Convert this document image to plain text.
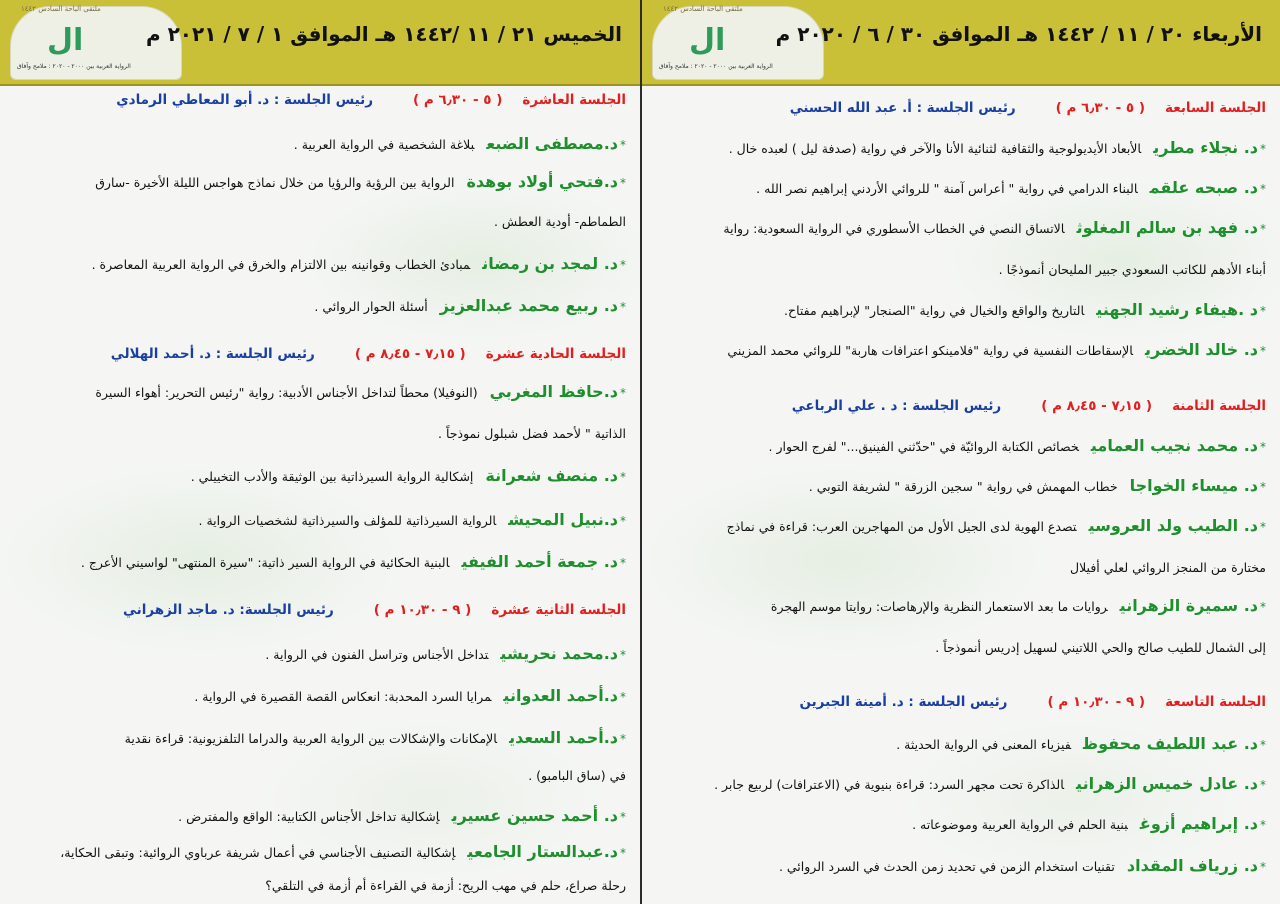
ملتقى الباحة السادس ١٤٤٢
ال
الرواية العربية بين ٢٠٠٠ - ٢٠٢٠ : ملامح وآفاق
الخميس ٢١ / ١١ /١٤٤٢ هـ الموافق ١ / ٧ / ٢٠٢١ م
الجلسة العاشرة( ٥ - ٦٫٣٠ م )رئيس الجلسة : د. أبو المعاطي الرمادي
*د.مصطفى الضبعبلاغة الشخصية في الرواية العربية .
*د.فتحي أولاد بوهدةالرواية بين الرؤية والرؤيا من خلال نماذج هواجس الليلة الأخيرة -سارق
الطماطم- أودية العطش .
*د. لمجد بن رمضانمبادئ الخطاب وقوانينه بين الالتزام والخرق في الرواية العربية المعاصرة .
*د. ربيع محمد عبدالعزيزأسئلة الحوار الروائي .
الجلسة الحادية عشرة( ٧٫١٥ - ٨٫٤٥ م )رئيس الجلسة : د. أحمد الهلالي
*د.حافظ المغربي(النوفيلا) محطاً لتداخل الأجناس الأدبية: رواية "رئيس التحرير: أهواء السيرة
الذاتية " لأحمد فضل شبلول نموذجاً .
*د. منصف شعرانةإشكالية الرواية السيرذاتية بين الوثيقة والأدب التخييلي .
*د.نبيل المحيشالرواية السيرذاتية للمؤلف والسيرذاتية لشخصيات الرواية .
*د. جمعة أحمد الفيفيالبنية الحكائية في الرواية السير ذاتية: "سيرة المنتهى" لواسيني الأعرج .
الجلسة الثانية عشرة( ٩ - ١٠٫٣٠ م )رئيس الجلسة: د. ماجد الزهراني
*د.محمد نحريشيتداخل الأجناس وتراسل الفنون في الرواية .
*د.أحمد العدوانيمرايا السرد المحدبة: انعكاس القصة القصيرة في الرواية .
*د.أحمد السعديالإمكانات والإشكالات بين الرواية العربية والدراما التلفزيونية: قراءة نقدية
في (ساق البامبو) .
*د. أحمد حسين عسيريإشكالية تداخل الأجناس الكتابية: الواقع والمفترض .
*د.عبدالستار الجامعيإشكالية التصنيف الأجناسي في أعمال شريفة عرباوي الروائية: وتبقى الحكاية،
رحلة صراع، حلم في مهب الريح: أزمة في القراءة أم أزمة في التلقي؟
ملتقى الباحة السادس ١٤٤٢
ال
الرواية العربية بين ٢٠٠٠ - ٢٠٢٠ : ملامح وآفاق
الأربعاء ٢٠ / ١١ / ١٤٤٢ هـ الموافق ٣٠ / ٦ / ٢٠٢٠ م
الجلسة السابعة( ٥ - ٦٫٣٠ م )رئيس الجلسة : أ. عبد الله الحسني
*د. نجلاء مطريالأبعاد الأيديولوجية والثقافية لثنائية الأنا والآخر في رواية (صدفة ليل ) لعبده خال .
*د. صبحه علقمالبناء الدرامي في رواية " أعراس آمنة " للروائي الأردني إبراهيم نصر الله .
*د. فهد بن سالم المغلوثالاتساق النصي في الخطاب الأسطوري في الرواية السعودية: رواية
أبناء الأدهم للكاتب السعودي جبير المليحان أنموذجًا .
*د .هيفاء رشيد الجهنيالتاريخ والواقع والخيال في رواية "الصنجار" لإبراهيم مفتاح.
*د. خالد الخضريالإسقاطات النفسية في رواية "فلامينكو اعترافات هاربة" للروائي محمد المزيني
الجلسة الثامنة( ٧٫١٥ - ٨٫٤٥ م )رئيس الجلسة : د . علي الرباعي
*د. محمد نجيب العماميخصائص الكتابة الروائيّة في "حدّثني الفينيق..." لفرج الحوار .
*د. ميساء الخواجاخطاب المهمش في رواية " سجين الزرقة " لشريفة التوبي .
*د. الطيب ولد العروسيتصدع الهوية لدى الجيل الأول من المهاجرين العرب: قراءة في نماذج
مختارة من المنجز الروائي لعلي أفيلال
*د. سميرة الزهرانيروايات ما بعد الاستعمار النظرية والإرهاصات: روايتا موسم الهجرة
إلى الشمال للطيب صالح والحي اللاتيني لسهيل إدريس أنموذجاً .
الجلسة التاسعة( ٩ - ١٠٫٣٠ م )رئيس الجلسة : د. أمينة الجبرين
*د. عبد اللطيف محفوظفيزياء المعنى في الرواية الحديثة .
*د. عادل خميس الزهرانيالذاكرة تحت مجهر السرد: قراءة بنيوية في (الاعترافات) لربيع جابر .
*د. إبراهيم أزوغبنية الحلم في الرواية العربية وموضوعاته .
*د. زرياف المقدادتقنيات استخدام الزمن في تحديد زمن الحدث في السرد الروائي .
